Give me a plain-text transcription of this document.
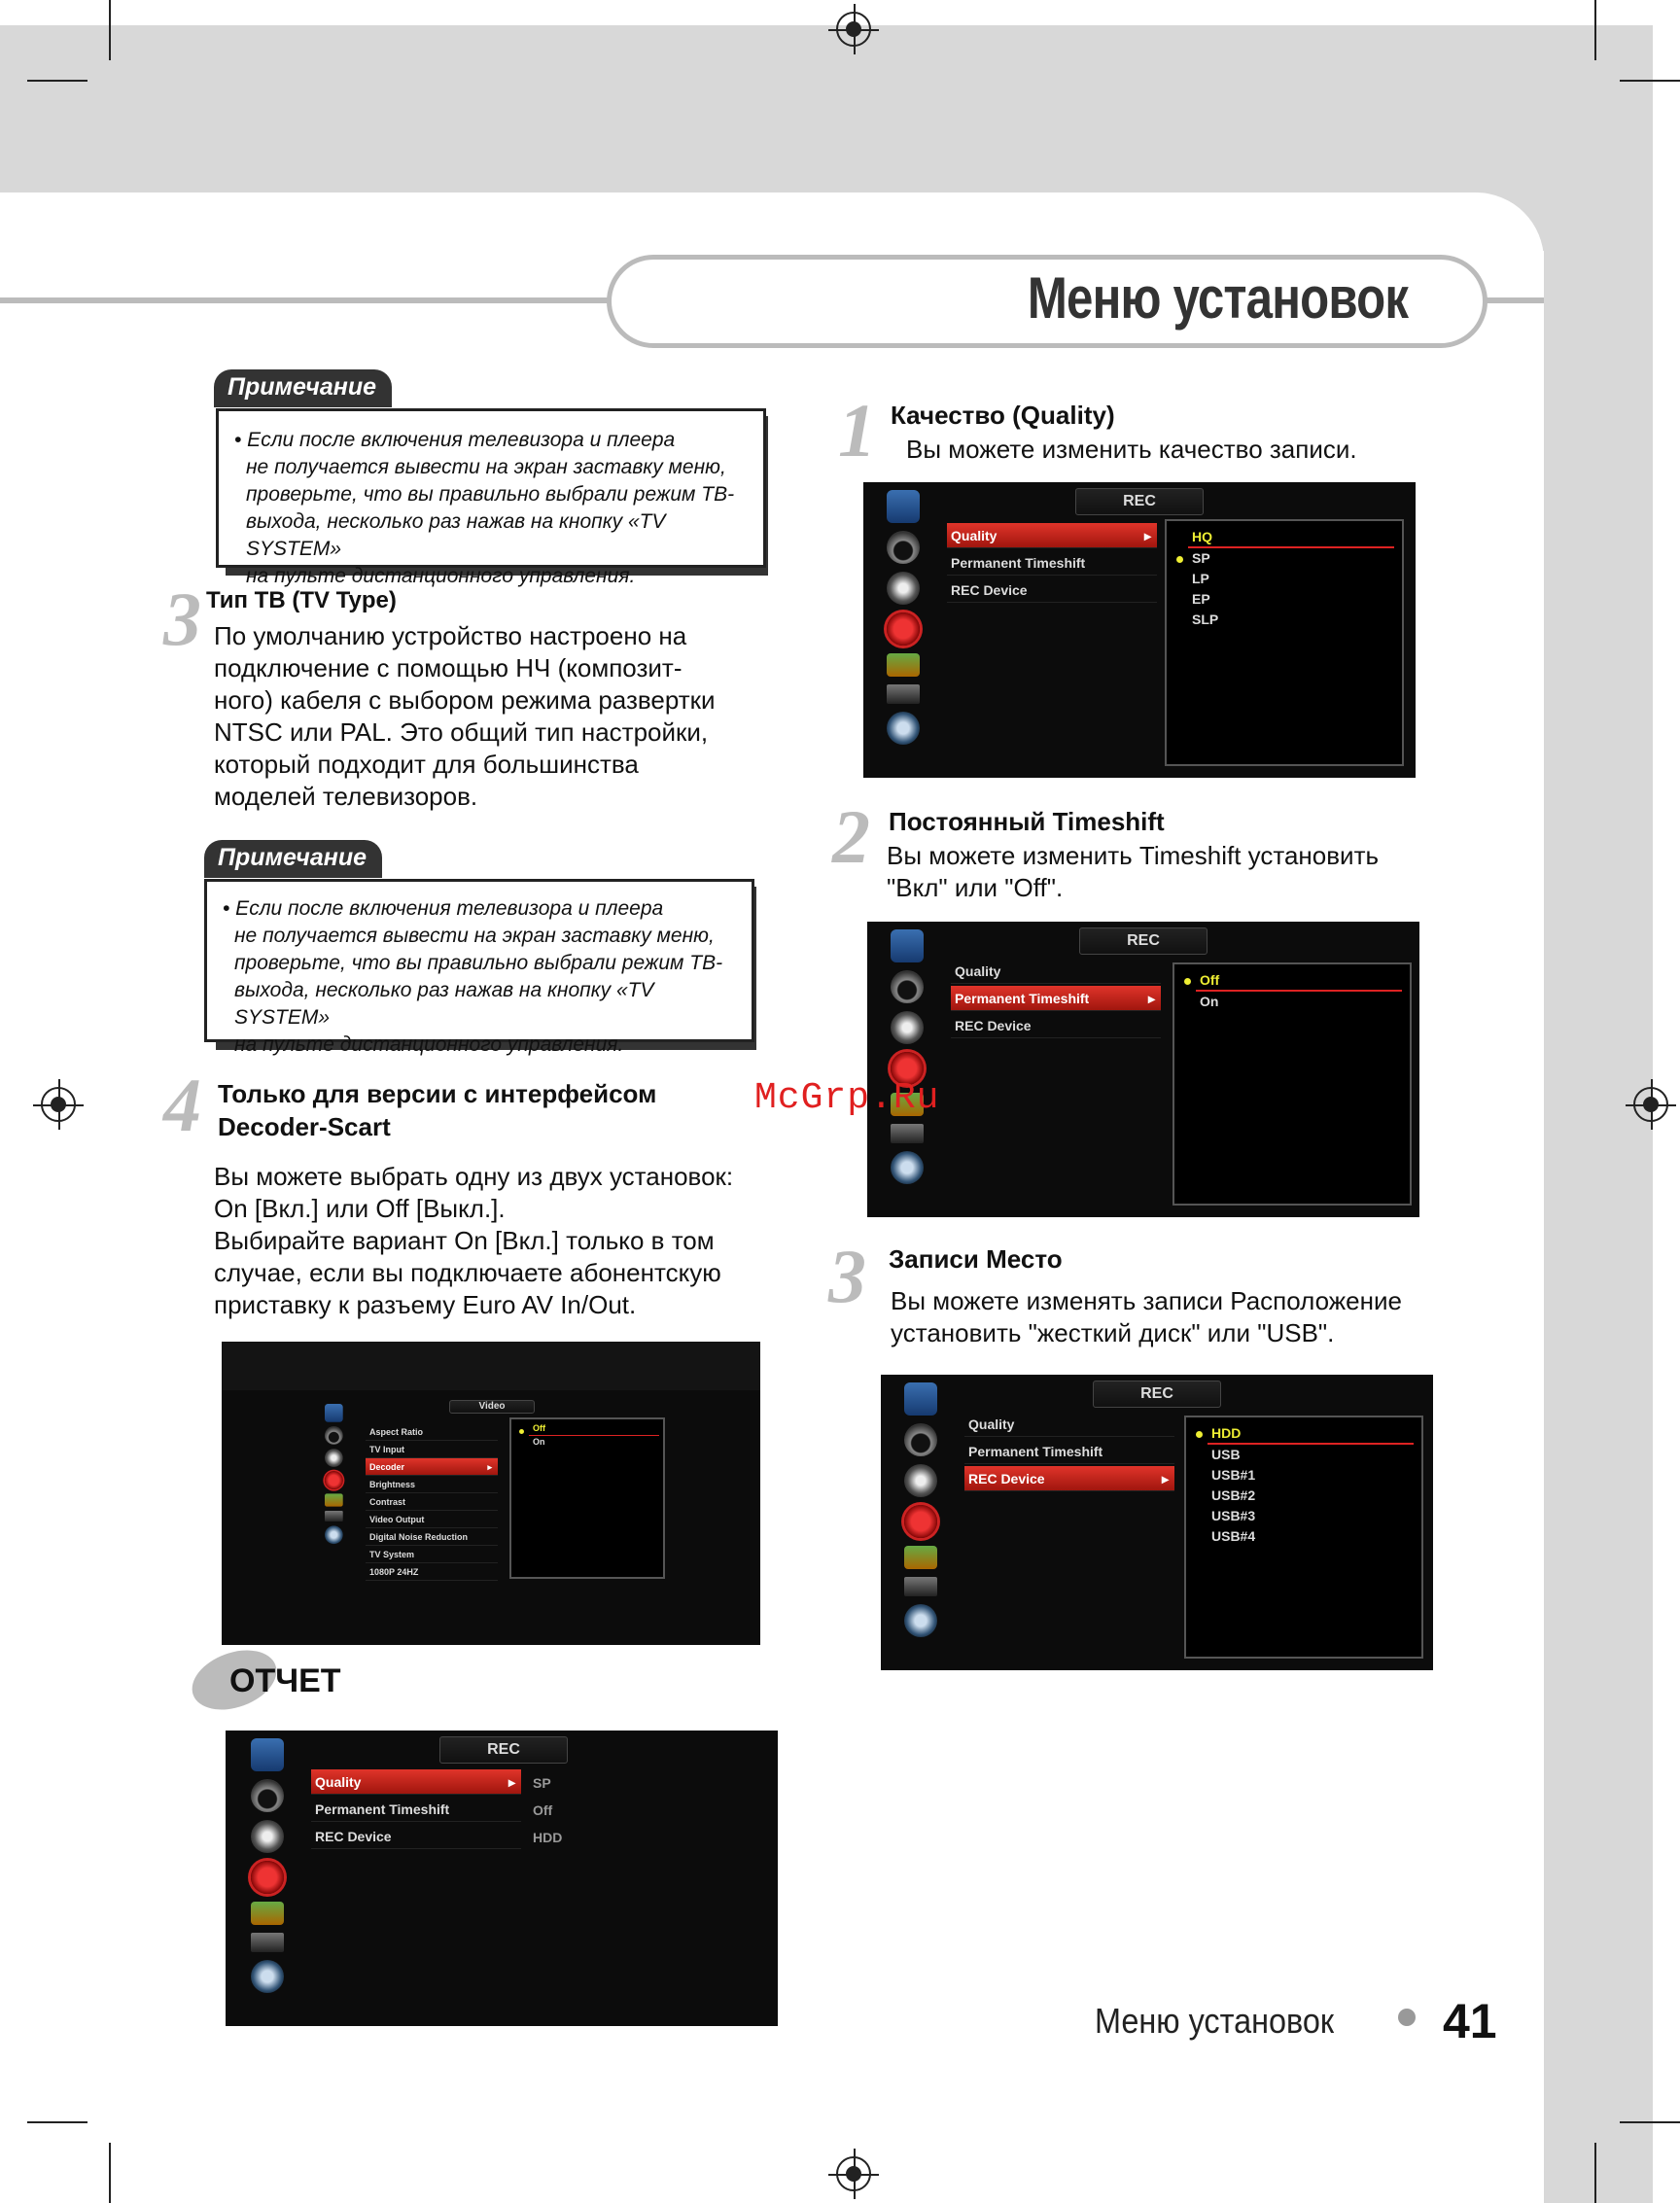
Меню установок
Примечание
• Если после включения телевизора и плеера
не получается вывести на экран заставку меню,
проверьте, что вы правильно выбрали режим ТВ-
выхода, несколько раз нажав на кнопку «TV SYSTEM»
на пульте дистанционного управления.
3 Тип ТВ (TV Type)
По умолчанию устройство настроено на
подключение с помощью НЧ (композит-
ного) кабеля с выбором режима развертки
NTSC или PAL. Это общий тип настройки,
который подходит для большинства
моделей телевизоров.
Примечание
• Если после включения телевизора и плеера
не получается вывести на экран заставку меню,
проверьте, что вы правильно выбрали режим ТВ-
выхода, несколько раз нажав на кнопку «TV SYSTEM»
на пульте дистанционного управления.
4 Только для версии с интерфейсом
Decoder-Scart
Вы можете выбрать одну из двух установок:
On [Вкл.] или Off [Выкл.].
Выбирайте вариант On [Вкл.] только в том
случае, если вы подключаете абонентскую
приставку к разъему Euro AV In/Out.
Video
Aspect Ratio
TV Input
Decoder ▸
Brightness
Contrast
Video Output
Digital Noise Reduction
TV System
1080P 24HZ
Off
On
ОТЧЕТ
REC
Quality ▸
Permanent Timeshift
REC Device
SP
Off
HDD
1 Качество (Quality)
Вы можете изменить качество записи.
REC
Quality ▸
Permanent Timeshift
REC Device
HQ
SP
LP
EP
SLP
2 Постоянный Timeshift
Вы можете изменить Timeshift установить
"Вкл" или "Off".
REC
Quality
Permanent Timeshift ▸
REC Device
Off
On
McGrp.Ru
3 Записи Место
Вы можете изменять записи Расположение
установить "жесткий диск" или "USB".
REC
Quality
Permanent Timeshift
REC Device ▸
HDD
USB
USB#1
USB#2
USB#3
USB#4
Меню установок 41
